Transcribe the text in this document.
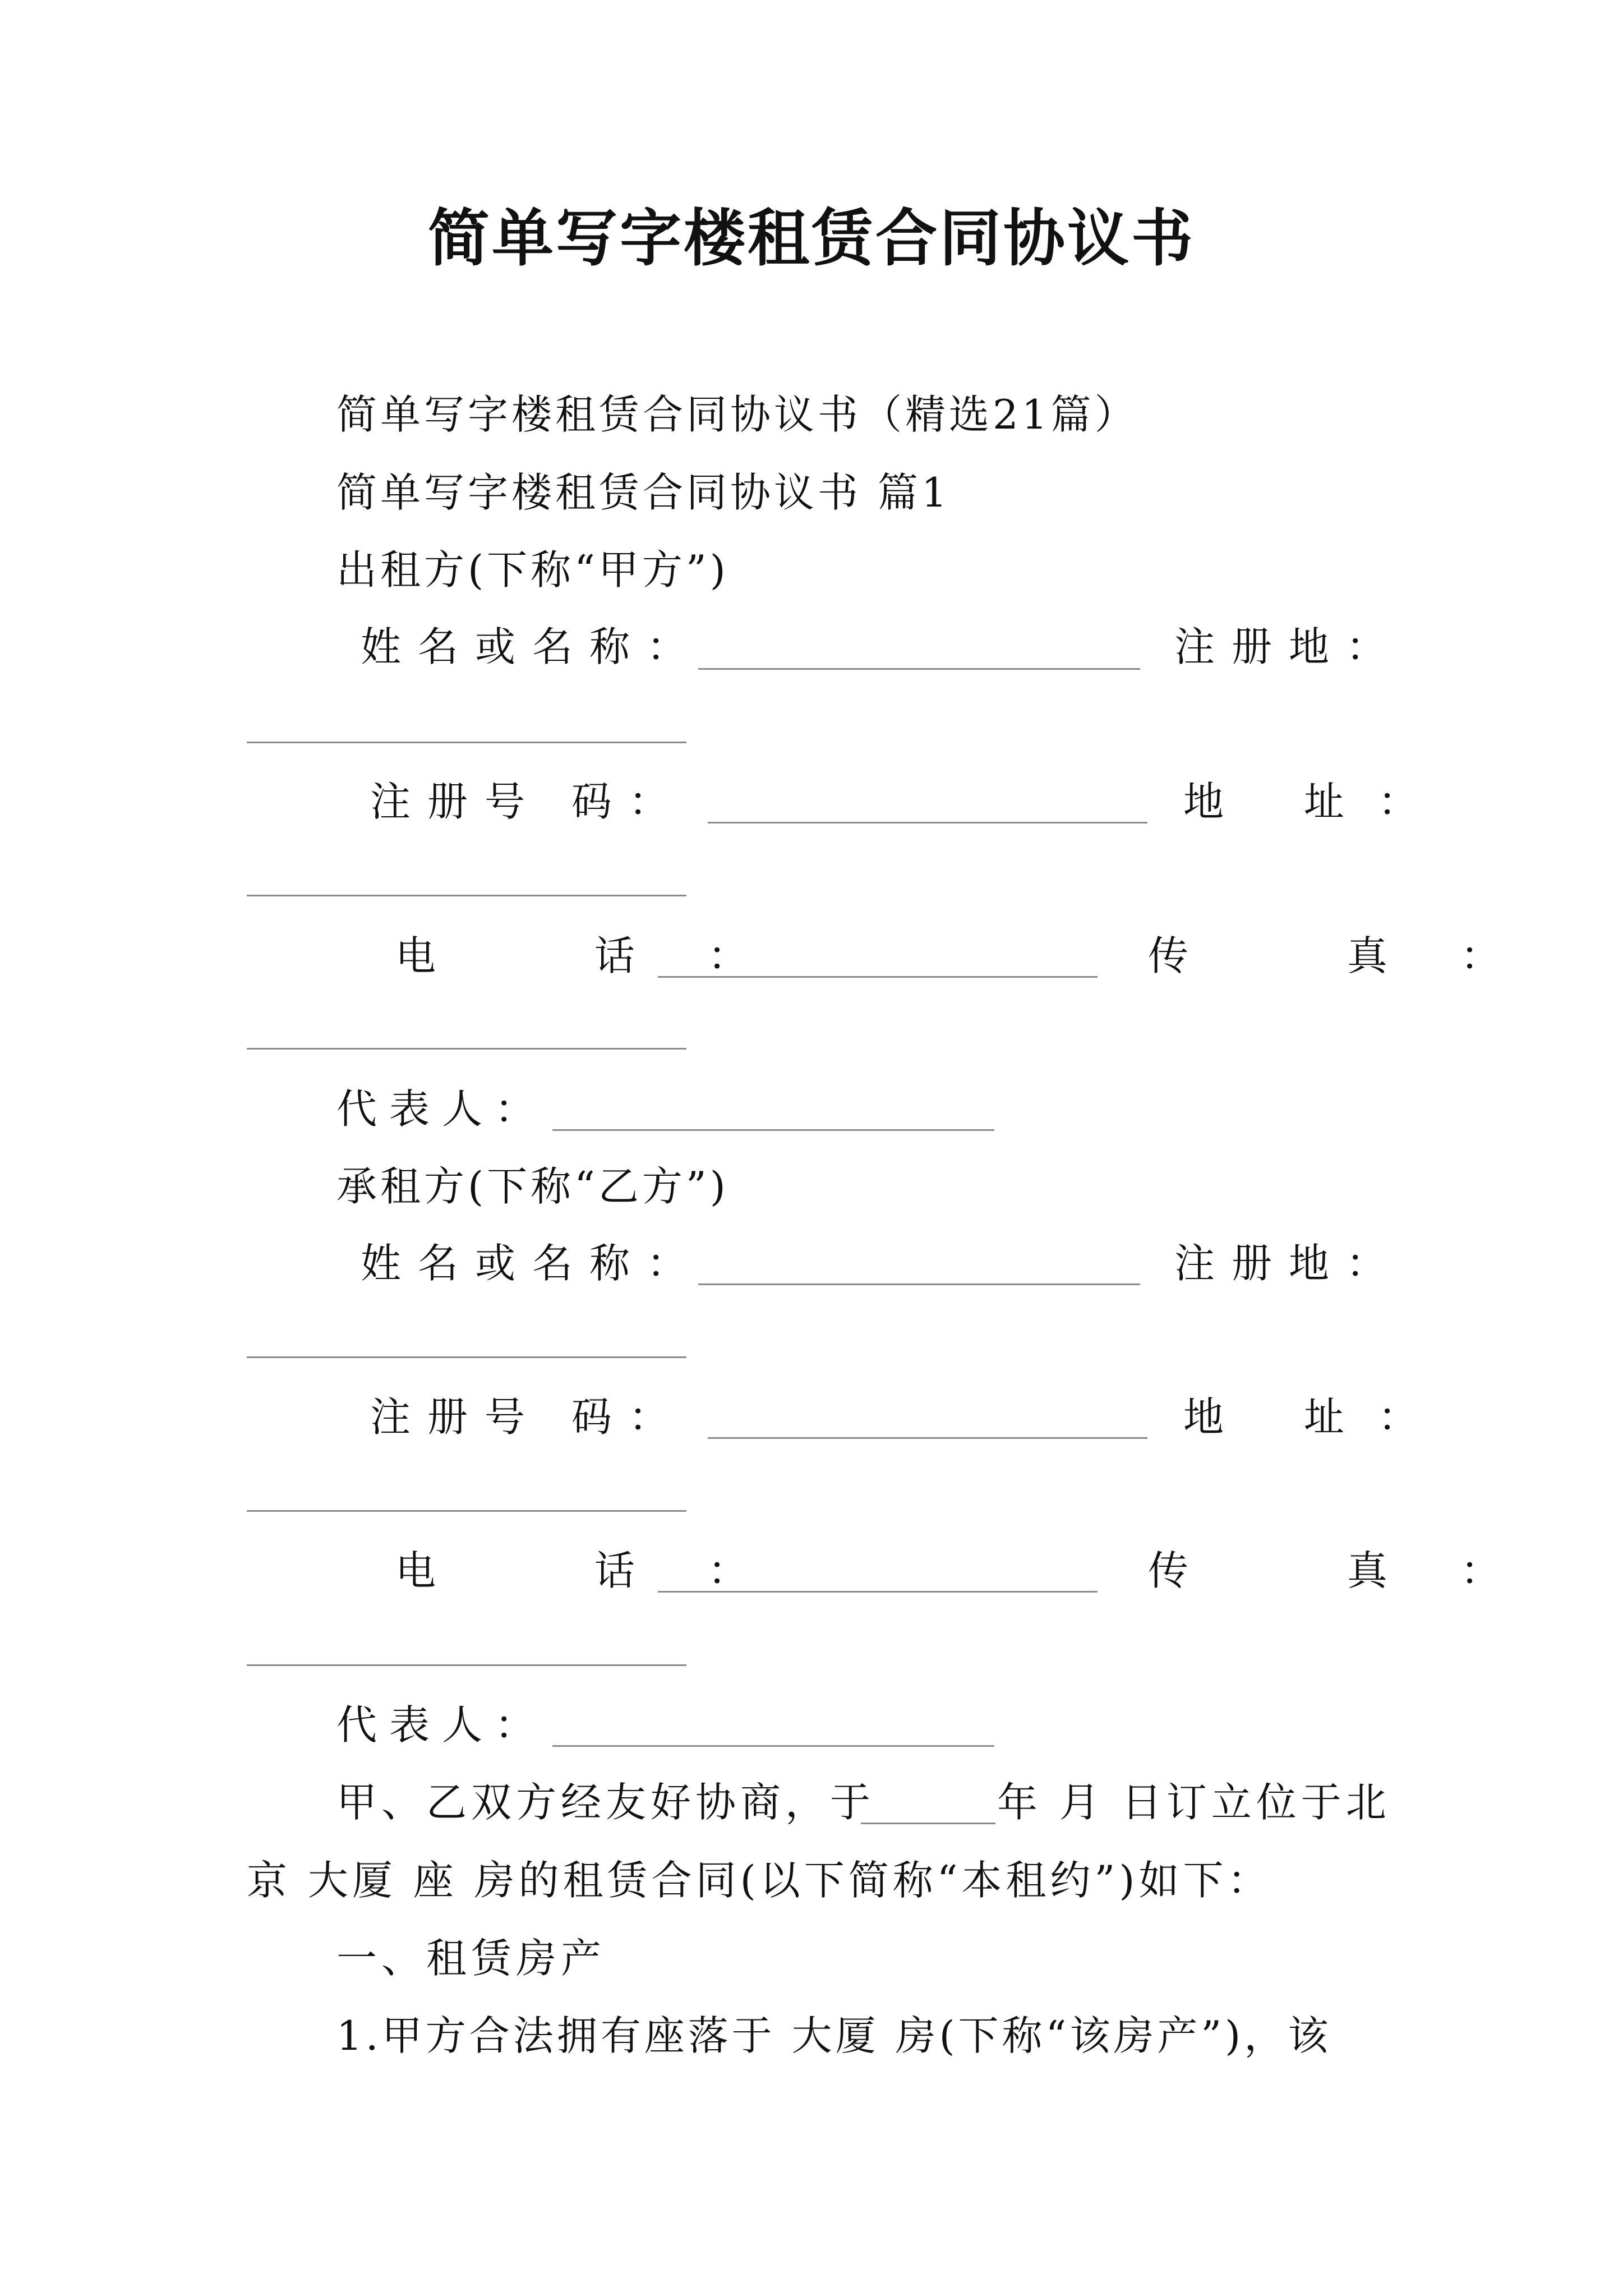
简单写字楼租赁合同协议书
简单写字楼租赁合同协议书（精选21篇）
简单写字楼租赁合同协议书 篇1
出租方(下称“甲方”)
姓名或名称：	注册地：
注册号 码：	地 址：
电 话：	传 真：
代表人：
承租方(下称“乙方”)
姓名或名称：	注册地：
注册号 码：	地 址：
电 话：	传 真：
代表人：
甲、乙双方经友好协商，于	年 月 日订立位于北
京 大厦 座 房的租赁合同(以下简称“本租约”)如下：
一、租赁房产
1.甲方合法拥有座落于 大厦 房(下称“该房产”)，该
